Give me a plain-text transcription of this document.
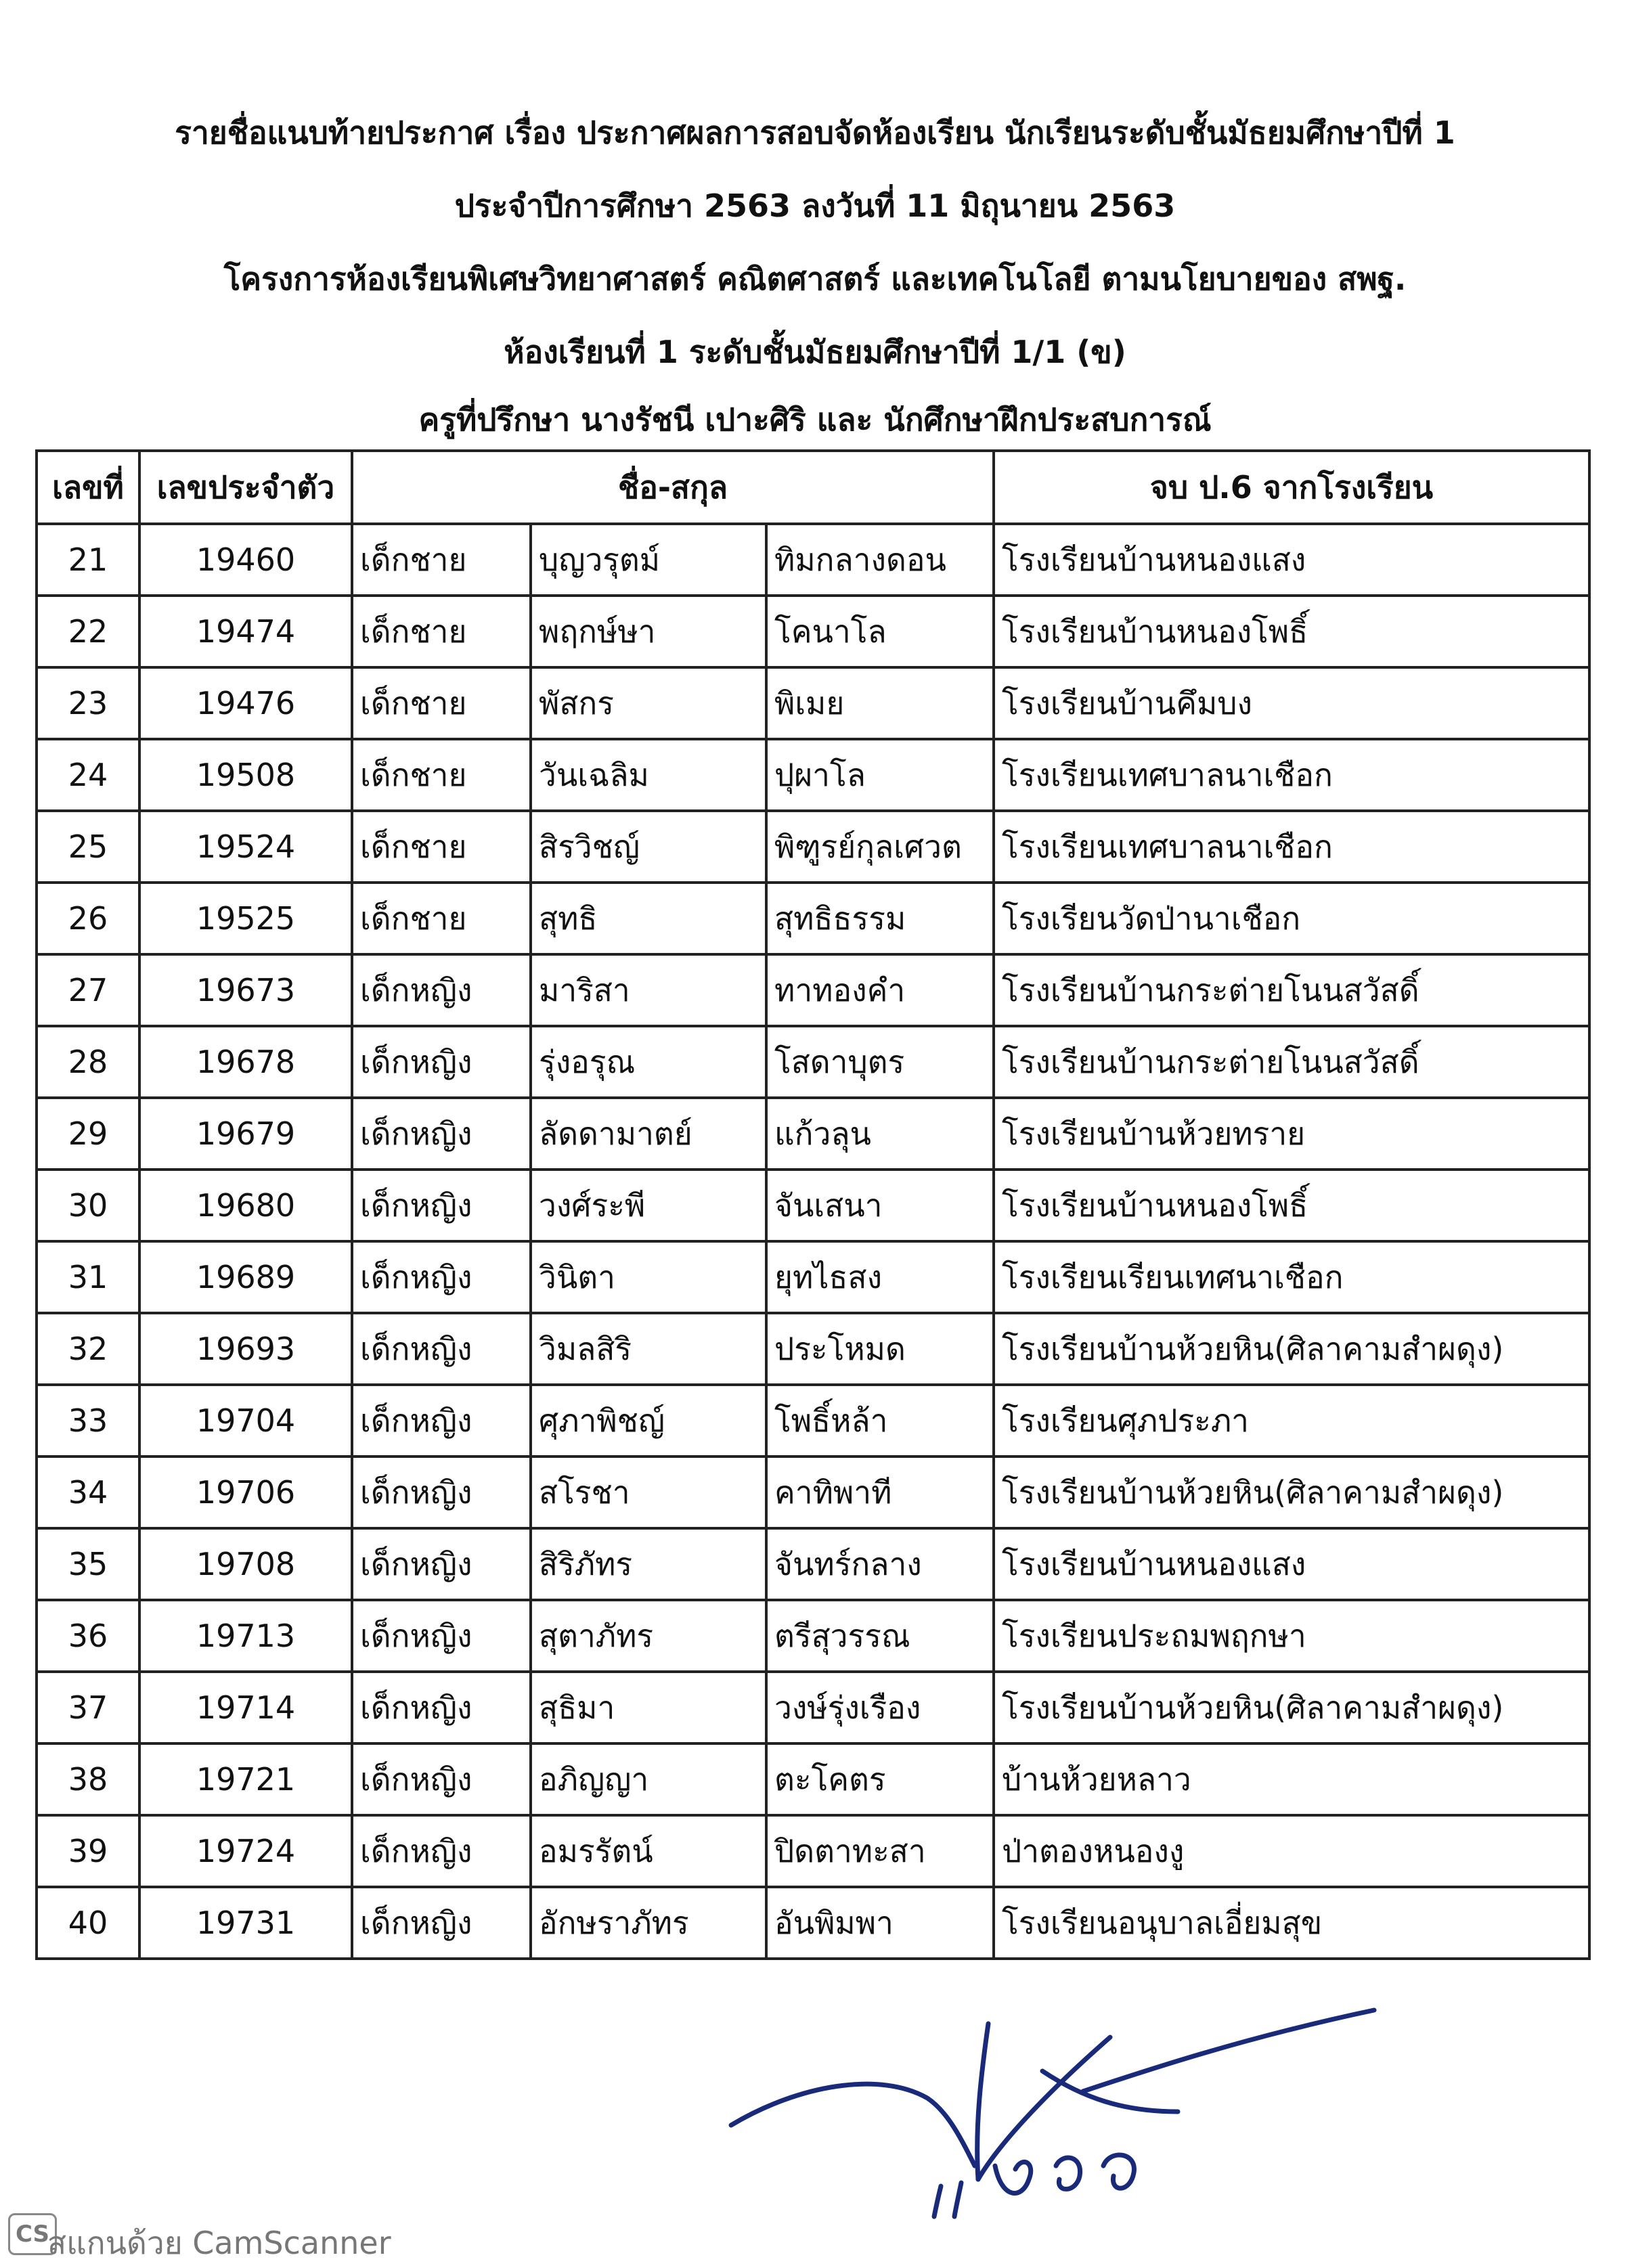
รายชื่อแนบท้ายประกาศ เรื่อง ประกาศผลการสอบจัดห้องเรียน นักเรียนระดับชั้นมัธยมศึกษาปีที่ 1
ประจำปีการศึกษา 2563 ลงวันที่ 11 มิถุนายน 2563
โครงการห้องเรียนพิเศษวิทยาศาสตร์ คณิตศาสตร์ และเทคโนโลยี ตามนโยบายของ สพฐ.
ห้องเรียนที่ 1 ระดับชั้นมัธยมศึกษาปีที่ 1/1 (ข)
ครูที่ปรึกษา นางรัชนี เปาะศิริ และ นักศึกษาฝึกประสบการณ์
เลขที่	เลขประจำตัว	ชื่อ-สกุล			จบ ป.6 จากโรงเรียน
21	19460	เด็กชาย	บุญวรุตม์	ทิมกลางดอน	โรงเรียนบ้านหนองแสง
22	19474	เด็กชาย	พฤกษ์ษา	โคนาโล	โรงเรียนบ้านหนองโพธิ์
23	19476	เด็กชาย	พัสกร	พิเมย	โรงเรียนบ้านคึมบง
24	19508	เด็กชาย	วันเฉลิม	ปุผาโล	โรงเรียนเทศบาลนาเชือก
25	19524	เด็กชาย	สิรวิชญ์	พิฑูรย์กุลเศวต	โรงเรียนเทศบาลนาเชือก
26	19525	เด็กชาย	สุทธิ	สุทธิธรรม	โรงเรียนวัดป่านาเชือก
27	19673	เด็กหญิง	มาริสา	ทาทองคำ	โรงเรียนบ้านกระต่ายโนนสวัสดิ์
28	19678	เด็กหญิง	รุ่งอรุณ	โสดาบุตร	โรงเรียนบ้านกระต่ายโนนสวัสดิ์
29	19679	เด็กหญิง	ลัดดามาตย์	แก้วลุน	โรงเรียนบ้านห้วยทราย
30	19680	เด็กหญิง	วงศ์ระพี	จันเสนา	โรงเรียนบ้านหนองโพธิ์
31	19689	เด็กหญิง	วินิตา	ยุทไธสง	โรงเรียนเรียนเทศนาเชือก
32	19693	เด็กหญิง	วิมลสิริ	ประโหมด	โรงเรียนบ้านห้วยหิน(ศิลาคามสำผดุง)
33	19704	เด็กหญิง	ศุภาพิชญ์	โพธิ์หล้า	โรงเรียนศุภประภา
34	19706	เด็กหญิง	สโรชา	คาทิพาที	โรงเรียนบ้านห้วยหิน(ศิลาคามสำผดุง)
35	19708	เด็กหญิง	สิริภัทร	จันทร์กลาง	โรงเรียนบ้านหนองแสง
36	19713	เด็กหญิง	สุตาภัทร	ตรีสุวรรณ	โรงเรียนประถมพฤกษา
37	19714	เด็กหญิง	สุธิมา	วงษ์รุ่งเรือง	โรงเรียนบ้านห้วยหิน(ศิลาคามสำผดุง)
38	19721	เด็กหญิง	อภิญญา	ตะโคตร	บ้านห้วยหลาว
39	19724	เด็กหญิง	อมรรัตน์	ปิดตาทะสา	ป่าตองหนองงู
40	19731	เด็กหญิง	อักษราภัทร	อันพิมพา	โรงเรียนอนุบาลเอี่ยมสุข
11 มิ.ย.63
CS
สแกนด้วย CamScanner
